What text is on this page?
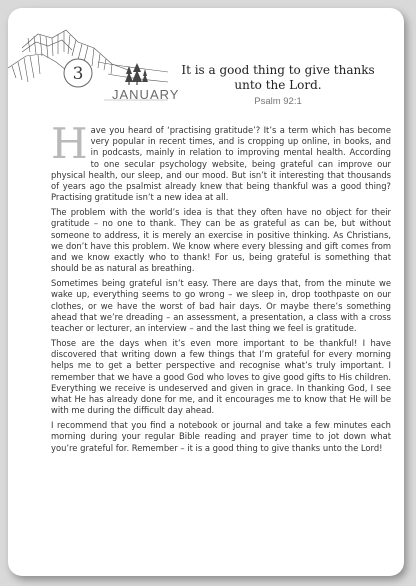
3
JANUARY
It is a good thing to give thanks unto the Lord.
Psalm 92:1

Have you heard of ‘practising gratitude’? It’s a term which has become very popular in recent times, and is cropping up online, in books, and in podcasts, mainly in relation to improving mental health. According to one secular psychology website, being grateful can improve our physical health, our sleep, and our mood. But isn’t it interesting that thousands of years ago the psalmist already knew that being thankful was a good thing? Practising gratitude isn’t a new idea at all.

The problem with the world’s idea is that they often have no object for their gratitude – no one to thank. They can be as grateful as can be, but without someone to address, it is merely an exercise in positive thinking. As Christians, we don’t have this problem. We know where every blessing and gift comes from and we know exactly who to thank! For us, being grateful is something that should be as natural as breathing.

Sometimes being grateful isn’t easy. There are days that, from the minute we wake up, everything seems to go wrong – we sleep in, drop toothpaste on our clothes, or we have the worst of bad hair days. Or maybe there’s something ahead that we’re dreading – an assessment, a presentation, a class with a cross teacher or lecturer, an interview – and the last thing we feel is gratitude.

Those are the days when it’s even more important to be thankful! I have discovered that writing down a few things that I’m grateful for every morning helps me to get a better perspective and recognise what’s truly important. I remember that we have a good God who loves to give good gifts to His children. Everything we receive is undeserved and given in grace. In thanking God, I see what He has already done for me, and it encourages me to know that He will be with me during the difficult day ahead.

I recommend that you find a notebook or journal and take a few minutes each morning during your regular Bible reading and prayer time to jot down what you’re grateful for. Remember – it is a good thing to give thanks unto the Lord!
